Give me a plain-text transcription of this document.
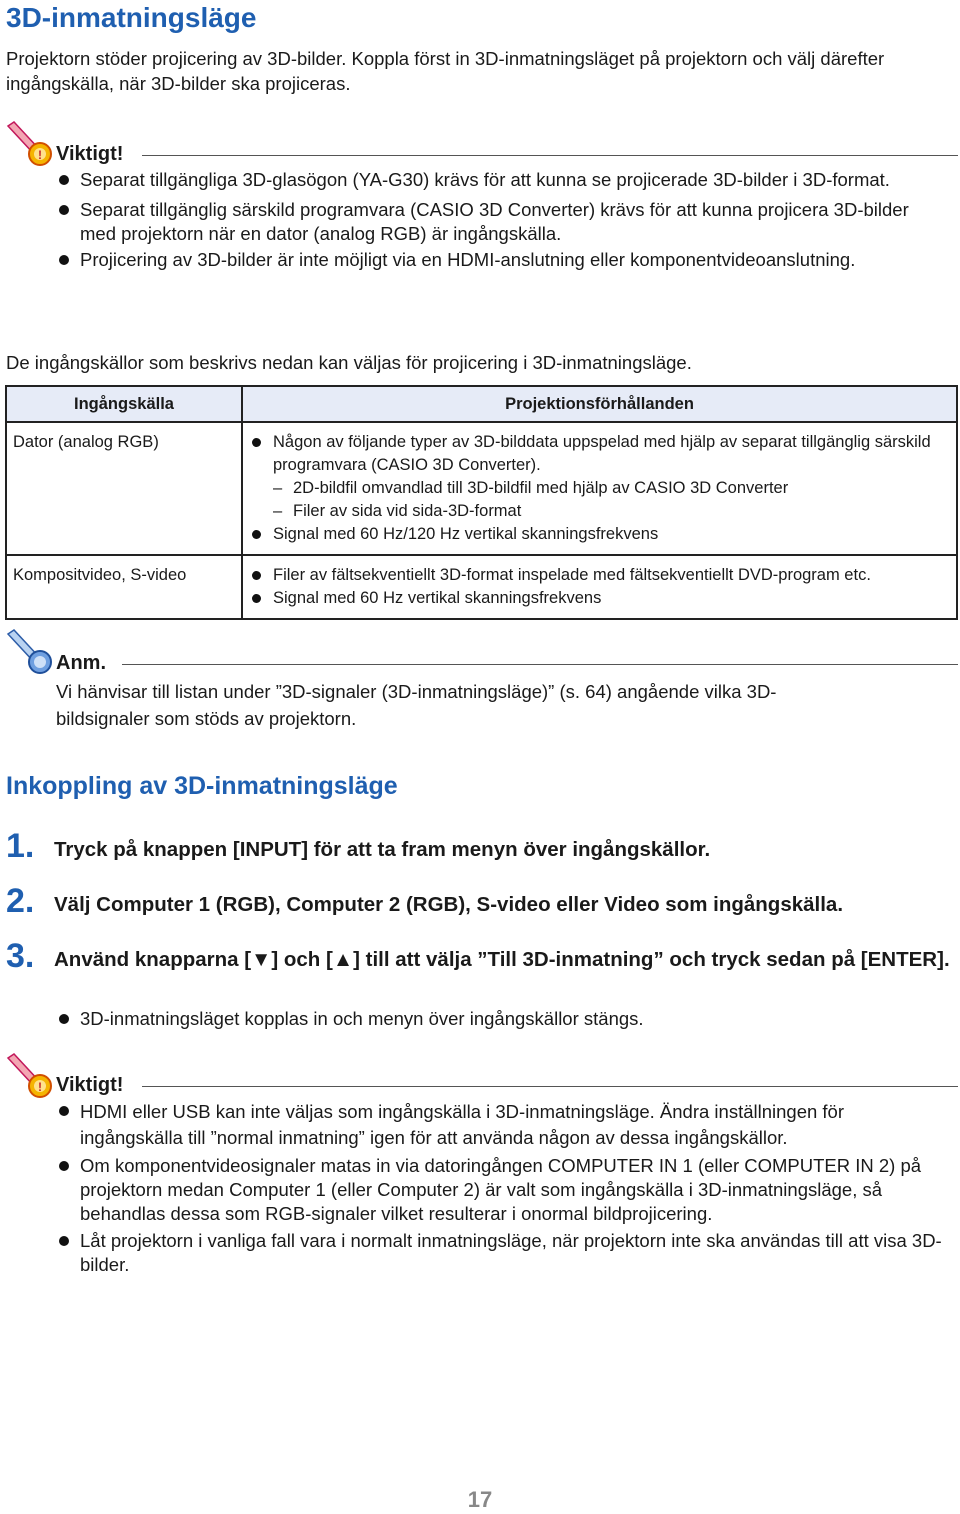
3D-inmatningsläge
Projektorn stöder projicering av 3D-bilder. Koppla först in 3D-inmatningsläget på projektorn och välj därefter ingångskälla, när 3D-bilder ska projiceras.
! Viktigt!
Separat tillgängliga 3D-glasögon (YA-G30) krävs för att kunna se projicerade 3D-bilder i 3D-format.
Separat tillgänglig särskild programvara (CASIO 3D Converter) krävs för att kunna projicera 3D-bilder med projektorn när en dator (analog RGB) är ingångskälla.
Projicering av 3D-bilder är inte möjligt via en HDMI-anslutning eller komponentvideoanslutning.
De ingångskällor som beskrivs nedan kan väljas för projicering i 3D-inmatningsläge.
Ingångskälla	Projektionsförhållanden
Dator (analog RGB)	Någon av följande typer av 3D-bilddata uppspelad med hjälp av separat tillgänglig särskild programvara (CASIO 3D Converter).
– 2D-bildfil omvandlad till 3D-bildfil med hjälp av CASIO 3D Converter
– Filer av sida vid sida-3D-format
Signal med 60 Hz/120 Hz vertikal skanningsfrekvens

Kompositvideo, S-video	Filer av fältsekventiellt 3D-format inspelade med fältsekventiellt DVD-program etc.
Signal med 60 Hz vertikal skanningsfrekvens
Anm.
Vi hänvisar till listan under ”3D-signaler (3D-inmatningsläge)” (s. 64) angående vilka 3D-bildsignaler som stöds av projektorn.
Inkoppling av 3D-inmatningsläge
1. Tryck på knappen [INPUT] för att ta fram menyn över ingångskällor.
2. Välj Computer 1 (RGB), Computer 2 (RGB), S-video eller Video som ingångskälla.
3. Använd knapparna [▼] och [▲] till att välja ”Till 3D-inmatning” och tryck sedan på [ENTER].
3D-inmatningsläget kopplas in och menyn över ingångskällor stängs.
! Viktigt!
HDMI eller USB kan inte väljas som ingångskälla i 3D-inmatningsläge. Ändra inställningen för ingångskälla till ”normal inmatning” igen för att använda någon av dessa ingångskällor.
Om komponentvideosignaler matas in via datoringången COMPUTER IN 1 (eller COMPUTER IN 2) på projektorn medan Computer 1 (eller Computer 2) är valt som ingångskälla i 3D-inmatningsläge, så behandlas dessa som RGB-signaler vilket resulterar i onormal bildprojicering.
Låt projektorn i vanliga fall vara i normalt inmatningsläge, när projektorn inte ska användas till att visa 3D-bilder.
17
